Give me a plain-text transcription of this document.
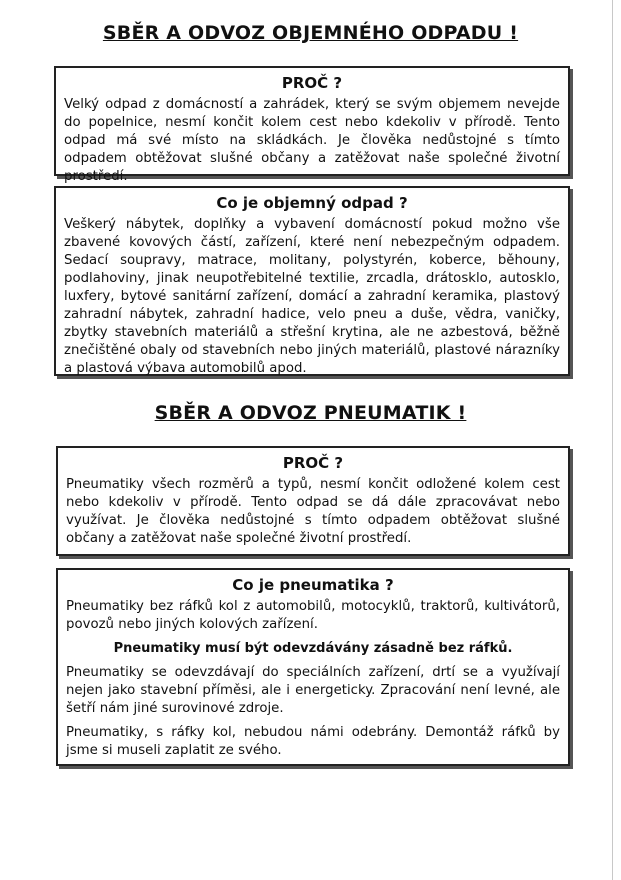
SBĚR A ODVOZ OBJEMNÉHO ODPADU !
PROČ ?

Velký odpad z domácností a zahrádek, který se svým objemem nevejde do popelnice, nesmí končit kolem cest nebo kdekoliv v přírodě. Tento odpad má své místo na skládkách. Je člověka nedůstojné s tímto odpadem obtěžovat slušné občany a zatěžovat naše společné životní prostředí.

Co je objemný odpad ?

Veškerý nábytek, doplňky a vybavení domácností pokud možno vše zbavené kovových částí, zařízení, které není nebezpečným odpadem. Sedací soupravy, matrace, molitany, polystyrén, koberce, běhouny, podlahoviny, jinak neupotřebitelné textilie, zrcadla, drátosklo, autosklo, luxfery, bytové sanitární zařízení, domácí a zahradní keramika, plastový zahradní nábytek, zahradní hadice, velo pneu a duše, vědra, vaničky, zbytky stavebních materiálů a střešní krytina, ale ne azbestová, běžně znečištěné obaly od stavebních nebo jiných materiálů, plastové nárazníky a plastová výbava automobilů apod.

SBĚR A ODVOZ PNEUMATIK !
PROČ ?

Pneumatiky všech rozměrů a typů, nesmí končit odložené kolem cest nebo kdekoliv v přírodě. Tento odpad se dá dále zpracovávat nebo využívat. Je člověka nedůstojné s tímto odpadem obtěžovat slušné občany a zatěžovat naše společné životní prostředí.

Co je pneumatika ?

Pneumatiky bez ráfků kol z automobilů, motocyklů, traktorů, kultivátorů, povozů nebo jiných kolových zařízení.

Pneumatiky musí být odevzdávány zásadně bez ráfků.

Pneumatiky se odevzdávají do speciálních zařízení, drtí se a využívají nejen jako stavební příměsi, ale i energeticky. Zpracování není levné, ale šetří nám jiné surovinové zdroje.

Pneumatiky, s ráfky kol, nebudou námi odebrány. Demontáž ráfků by jsme si museli zaplatit ze svého.
